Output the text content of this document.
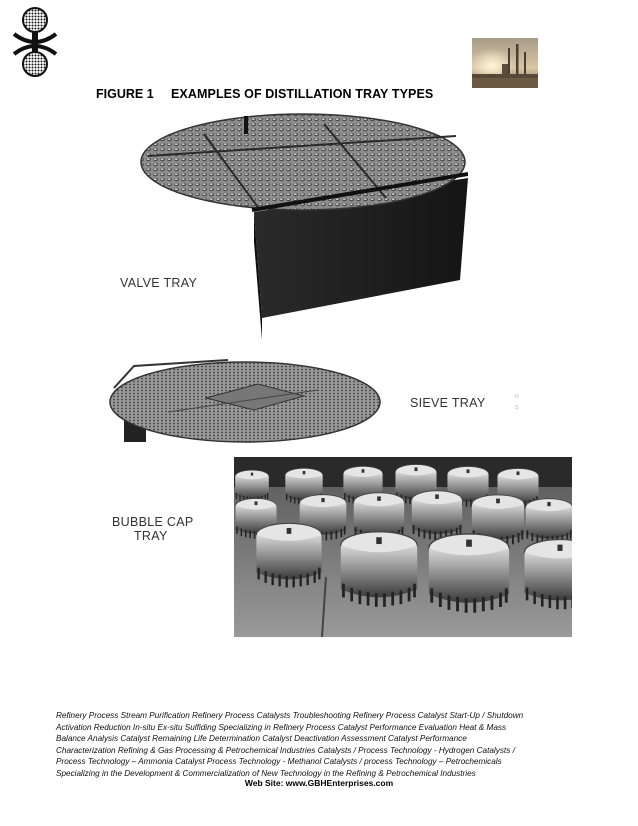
FIGURE 1 EXAMPLES OF DISTILLATION TRAY TYPES
VALVE TRAY
SIEVE TRAY
BUBBLE CAP
TRAY
n
s
Refinery Process Stream Purification Refinery Process Catalysts Troubleshooting Refinery Process Catalyst Start-Up / Shutdown
Activation Reduction In-situ Ex-situ Sulfiding Specializing in Refinery Process Catalyst Performance Evaluation Heat & Mass
Balance Analysis Catalyst Remaining Life Determination Catalyst Deactivation Assessment Catalyst Performance
Characterization Refining & Gas Processing & Petrochemical Industries Catalysts / Process Technology - Hydrogen Catalysts /
Process Technology – Ammonia Catalyst Process Technology - Methanol Catalysts / process Technology – Petrochemicals
Specializing in the Development & Commercialization of New Technology in the Refining & Petrochemical Industries
Web Site: www.GBHEnterprises.com
